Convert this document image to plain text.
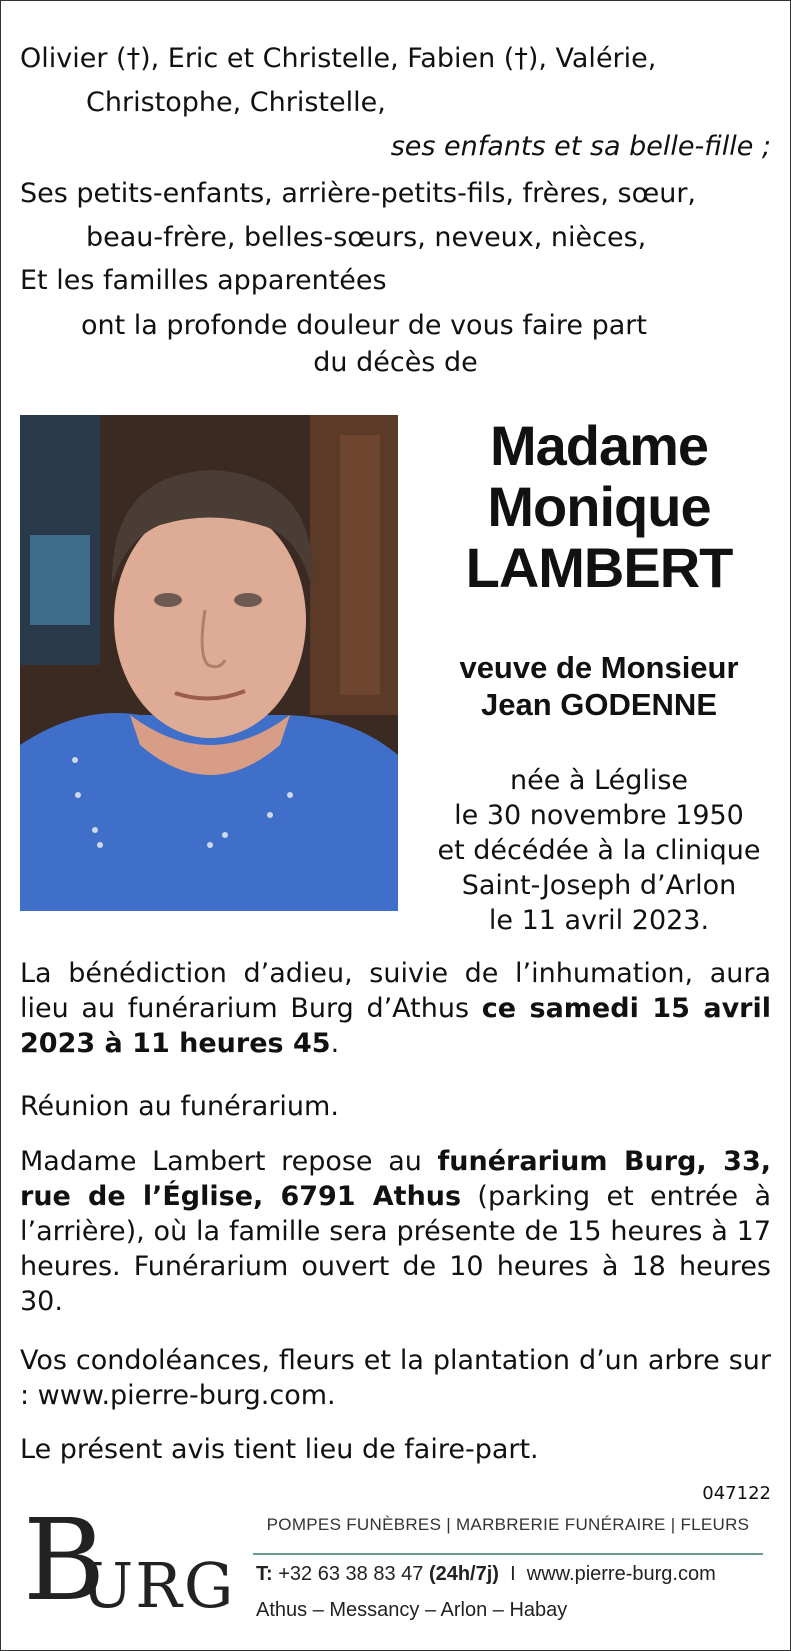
Olivier (†), Eric et Christelle, Fabien (†), Valérie,
Christophe, Christelle,
ses enfants et sa belle-fille ;
Ses petits-enfants, arrière-petits-fils, frères, sœur,
beau-frère, belles-sœurs, neveux, nièces,
Et les familles apparentées
ont la profonde douleur de vous faire part
du décès de
Madame
Monique
LAMBERT
veuve de Monsieur
Jean GODENNE
née à Léglise
le 30 novembre 1950
et décédée à la clinique
Saint-Joseph d’Arlon
le 11 avril 2023.
La bénédiction d’adieu, suivie de l’inhumation, aura lieu au funérarium Burg d’Athus ce samedi 15 avril 2023 à 11 heures 45.
Réunion au funérarium.
Madame Lambert repose au funérarium Burg, 33, rue de l’Église, 6791 Athus (parking et entrée à l’arrière), où la famille sera présente de 15 heures à 17 heures. Funérarium ouvert de 10 heures à 18 heures 30.
Vos condoléances, fleurs et la plantation d’un arbre sur : www.pierre-burg.com.
Le présent avis tient lieu de faire-part.
047122
B
URG
POMPES FUNÈBRES | MARBRERIE FUNÉRAIRE | FLEURS
T: +32 63 38 83 47 (24h/7j) I www.pierre-burg.com
Athus – Messancy – Arlon – Habay
